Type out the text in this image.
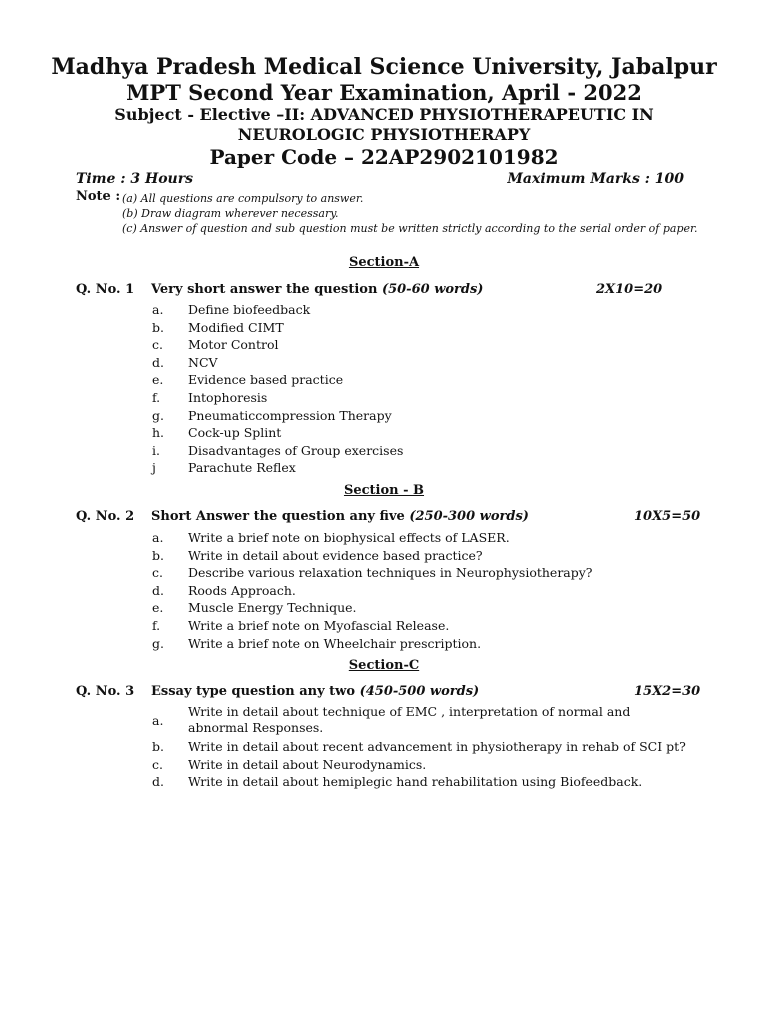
Madhya Pradesh Medical Science University, Jabalpur
MPT Second Year Examination, April - 2022
Subject - Elective –II: ADVANCED PHYSIOTHERAPEUTIC IN
NEUROLOGIC PHYSIOTHERAPY
Paper Code – 22AP2902101982
Time : 3 Hours	Maximum Marks : 100
Note : (a) All questions are compulsory to answer.
(b) Draw diagram wherever necessary.
(c) Answer of question and sub question must be written strictly according to the serial order of paper.
Section-A
Q. No. 1 Very short answer the question (50-60 words)	2X10=20
a.	Define biofeedback
b.	Modified CIMT
c.	Motor Control
d.	NCV
e.	Evidence based practice
f.	Intophoresis
g.	Pneumaticcompression Therapy
h.	Cock-up Splint
i.	Disadvantages of Group exercises
j	Parachute Reflex
Section - B
Q. No. 2 Short Answer the question any five (250-300 words)	10X5=50
a.	Write a brief note on biophysical effects of LASER.
b.	Write in detail about evidence based practice?
c.	Describe various relaxation techniques in Neurophysiotherapy?
d.	Roods Approach.
e.	Muscle Energy Technique.
f.	Write a brief note on Myofascial Release.
g.	Write a brief note on Wheelchair prescription.
Section-C
Q. No. 3 Essay type question any two (450-500 words)	15X2=30
a.
Write in detail about technique of EMC , interpretation of normal and abnormal Responses.
b.	Write in detail about recent advancement in physiotherapy in rehab of SCI pt?
c.	Write in detail about Neurodynamics.
d.	Write in detail about hemiplegic hand rehabilitation using Biofeedback.
